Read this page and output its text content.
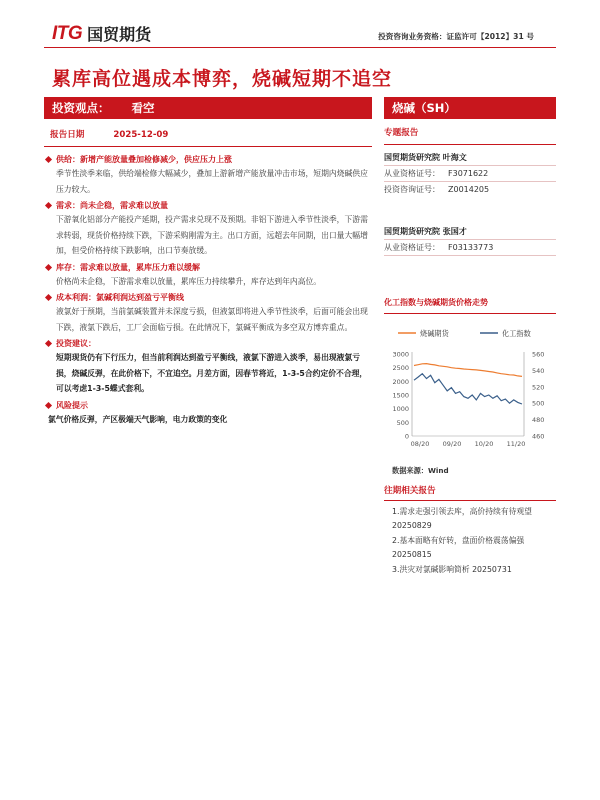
ITG 国贸期货	投资咨询业务资格：证监许可【2012】31 号
累库高位遇成本博弈，烧碱短期不追空
投资观点： 看空	烧碱（SH）
报告日期	2025-12-09
供给：新增产能放量叠加检修减少，供应压力上涨
季节性淡季来临，供给端检修大幅减少，叠加上游新增产能放量冲击市场，短期内烧碱供应压力较大。
需求：尚未企稳，需求难以放量
下游氧化铝部分产能投产延期，投产需求兑现不及预期。非铝下游进入季节性淡季，下游需求转弱，现货价格持续下跌，下游采购刚需为主。出口方面，远超去年同期，出口量大幅增加，但受价格持续下跌影响，出口节奏放缓。
库存：需求难以放量，累库压力难以缓解
价格尚未企稳，下游需求难以放量，累库压力持续攀升，库存达到年内高位。
成本利润：氯碱利润达到盈亏平衡线
液氯好于预期，当前氯碱装置并未深度亏损，但液氯即将进入季节性淡季，后面可能会出现下跌，液氯下跌后，工厂会面临亏损。在此情况下，氯碱平衡成为多空双方博弈重点。
投资建议：
短期现货仍有下行压力，但当前利润达到盈亏平衡线，液氯下游进入淡季，易出现液氯亏损，烧碱反弹，在此价格下，不宜追空。月差方面，因春节将近，1-3-5合约定价不合理，可以考虑1-3-5蝶式套利。
风险提示
氯气价格反弹，产区极端天气影响，电力政策的变化
专题报告
国贸期货研究院 叶海文
从业资格证号： F3071622
投资咨询证号： Z0014205
国贸期货研究院 张国才
从业资格证号： F03133773
化工指数与烧碱期货价格走势
烧碱期货	化工指数
3000
2500
2000
1500
1000
500
0
560
540
520
500
480
460
08/20 09/20 10/20 11/20
数据来源：Wind
往期相关报告
1.需求走强引领去库，高价持续有待观望 20250829
2.基本面略有好转，盘面价格震荡偏强 20250815
3.洪灾对氯碱影响简析 20250731
